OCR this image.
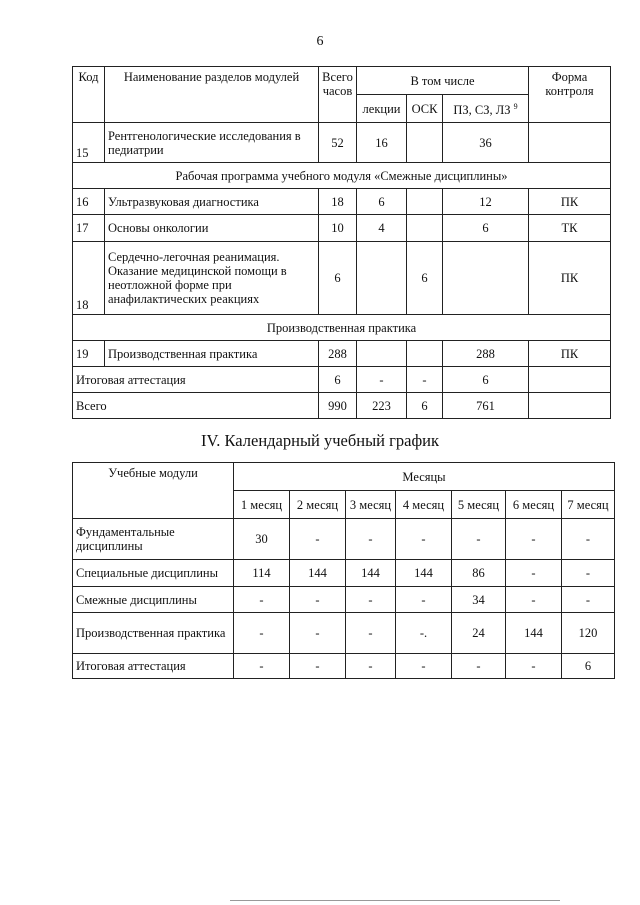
6
Код	Наименование разделов модулей	Всего часов	В том числе			Форма контроля
			лекции	ОСК	ПЗ, СЗ, ЛЗ $^9$
15	Рентгенологические исследования в педиатрии	52	16		36	
Рабочая программа учебного модуля «Смежные дисциплины»						
16	Ультразвуковая диагностика	18	6		12	ПК
17	Основы онкологии	10	4		6	ТК
18	Сердечно-легочная реанимация. Оказание медицинской помощи в неотложной форме при анафилактических реакциях	6		6		ПК
Производственная практика						
19	Производственная практика	288			288	ПК
Итоговая аттестация		6	-	-	6	
Всего		990	223	6	761	
IV. Календарный учебный график
Учебные модули	Месяцы						
	1 месяц	2 месяц	3 месяц	4 месяц	5 месяц	6 месяц	7 месяц
Фундаментальные дисциплины	30	-	-	-	-	-	-
Специальные дисциплины	114	144	144	144	86	-	-
Смежные дисциплины	-	-	-	-	34	-	-
Производственная практика	-	-	-	-.	24	144	120
Итоговая аттестация	-	-	-	-	-	-	6
